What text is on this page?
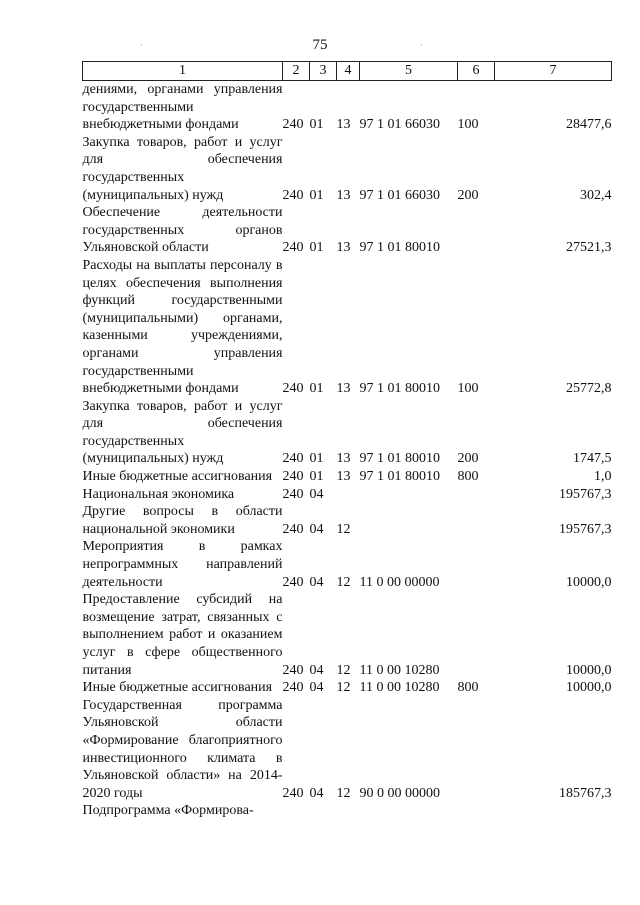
75
1	2	3	4	5	6	7
дениями, органами управления государственными внебюджетными фондами	240	01	13	97 1 01 66030	100	28477,6
Закупка товаров, работ и услуг для обеспечения государственных (муниципальных) нужд	240	01	13	97 1 01 66030	200	302,4
Обеспечение деятельности государственных органов Ульяновской области	240	01	13	97 1 01 80010		27521,3
Расходы на выплаты персоналу в целях обеспечения выполнения функций государственными (муниципальными) органами, казенными учреждениями, органами управления государственными внебюджетными фондами	240	01	13	97 1 01 80010	100	25772,8
Закупка товаров, работ и услуг для обеспечения государственных (муниципальных) нужд	240	01	13	97 1 01 80010	200	1747,5
Иные бюджетные ассигнования	240	01	13	97 1 01 80010	800	1,0
Национальная экономика	240	04				195767,3
Другие вопросы в области национальной экономики	240	04	12			195767,3
Мероприятия в рамках непрограммных направлений деятельности	240	04	12	11 0 00 00000		10000,0
Предоставление субсидий на возмещение затрат, связанных с выполнением работ и оказанием услуг в сфере общественного питания	240	04	12	11 0 00 10280		10000,0
Иные бюджетные ассигнования	240	04	12	11 0 00 10280	800	10000,0
Государственная программа Ульяновской области «Формирование благоприятного инвестиционного климата в Ульяновской области» на 2014-2020 годы	240	04	12	90 0 00 00000		185767,3
Подпрограмма «Формирова-						
·	·
